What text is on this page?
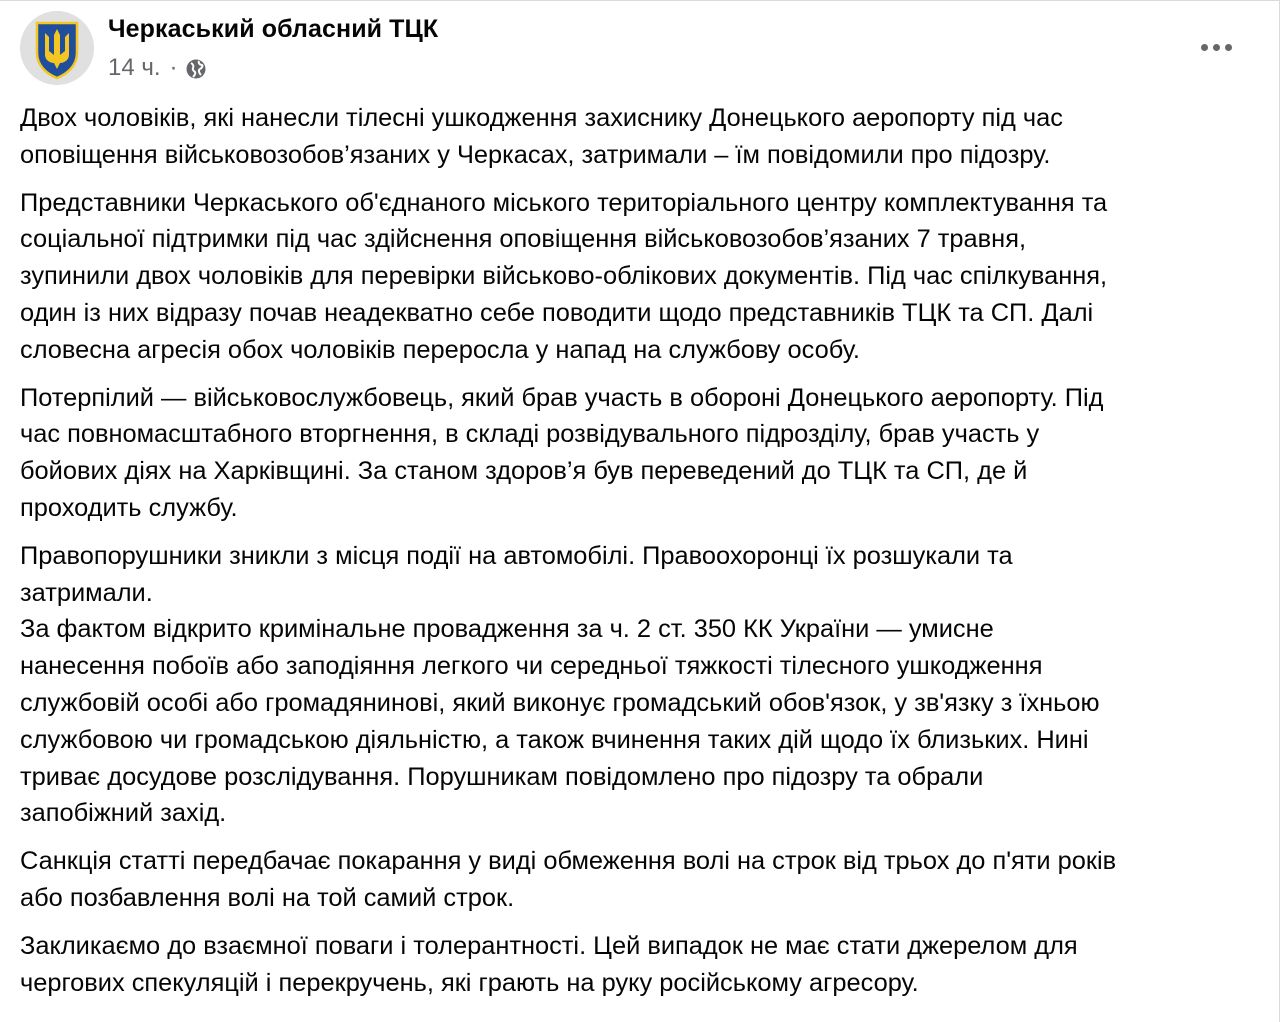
Черкаський обласний ТЦК
14 ч. ·

Двох чоловіків, які нанесли тілесні ушкодження захиснику Донецького аеропорту під час
оповіщення військовозобов’язаних у Черкасах, затримали – їм повідомили про підозру.

Представники Черкаського об'єднаного міського територіального центру комплектування та
соціальної підтримки під час здійснення оповіщення військовозобов’язаних 7 травня,
зупинили двох чоловіків для перевірки військово-облікових документів. Під час спілкування,
один із них відразу почав неадекватно себе поводити щодо представників ТЦК та СП. Далі
словесна агресія обох чоловіків переросла у напад на службову особу.

Потерпілий — військовослужбовець, який брав участь в обороні Донецького аеропорту. Під
час повномасштабного вторгнення, в складі розвідувального підрозділу, брав участь у
бойових діях на Харківщині. За станом здоров’я був переведений до ТЦК та СП, де й
проходить службу.

Правопорушники зникли з місця події на автомобілі. Правоохоронці їх розшукали та
затримали.
За фактом відкрито кримінальне провадження за ч. 2 ст. 350 КК України — умисне
нанесення побоїв або заподіяння легкого чи середньої тяжкості тілесного ушкодження
службовій особі або громадянинові, який виконує громадський обов'язок, у зв'язку з їхньою
службовою чи громадською діяльністю, а також вчинення таких дій щодо їх близьких. Нині
триває досудове розслідування. Порушникам повідомлено про підозру та обрали
запобіжний захід.

Санкція статті передбачає покарання у виді обмеження волі на строк від трьох до п'яти років
або позбавлення волі на той самий строк.

Закликаємо до взаємної поваги і толерантності. Цей випадок не має стати джерелом для
чергових спекуляцій і перекручень, які грають на руку російському агресору.
